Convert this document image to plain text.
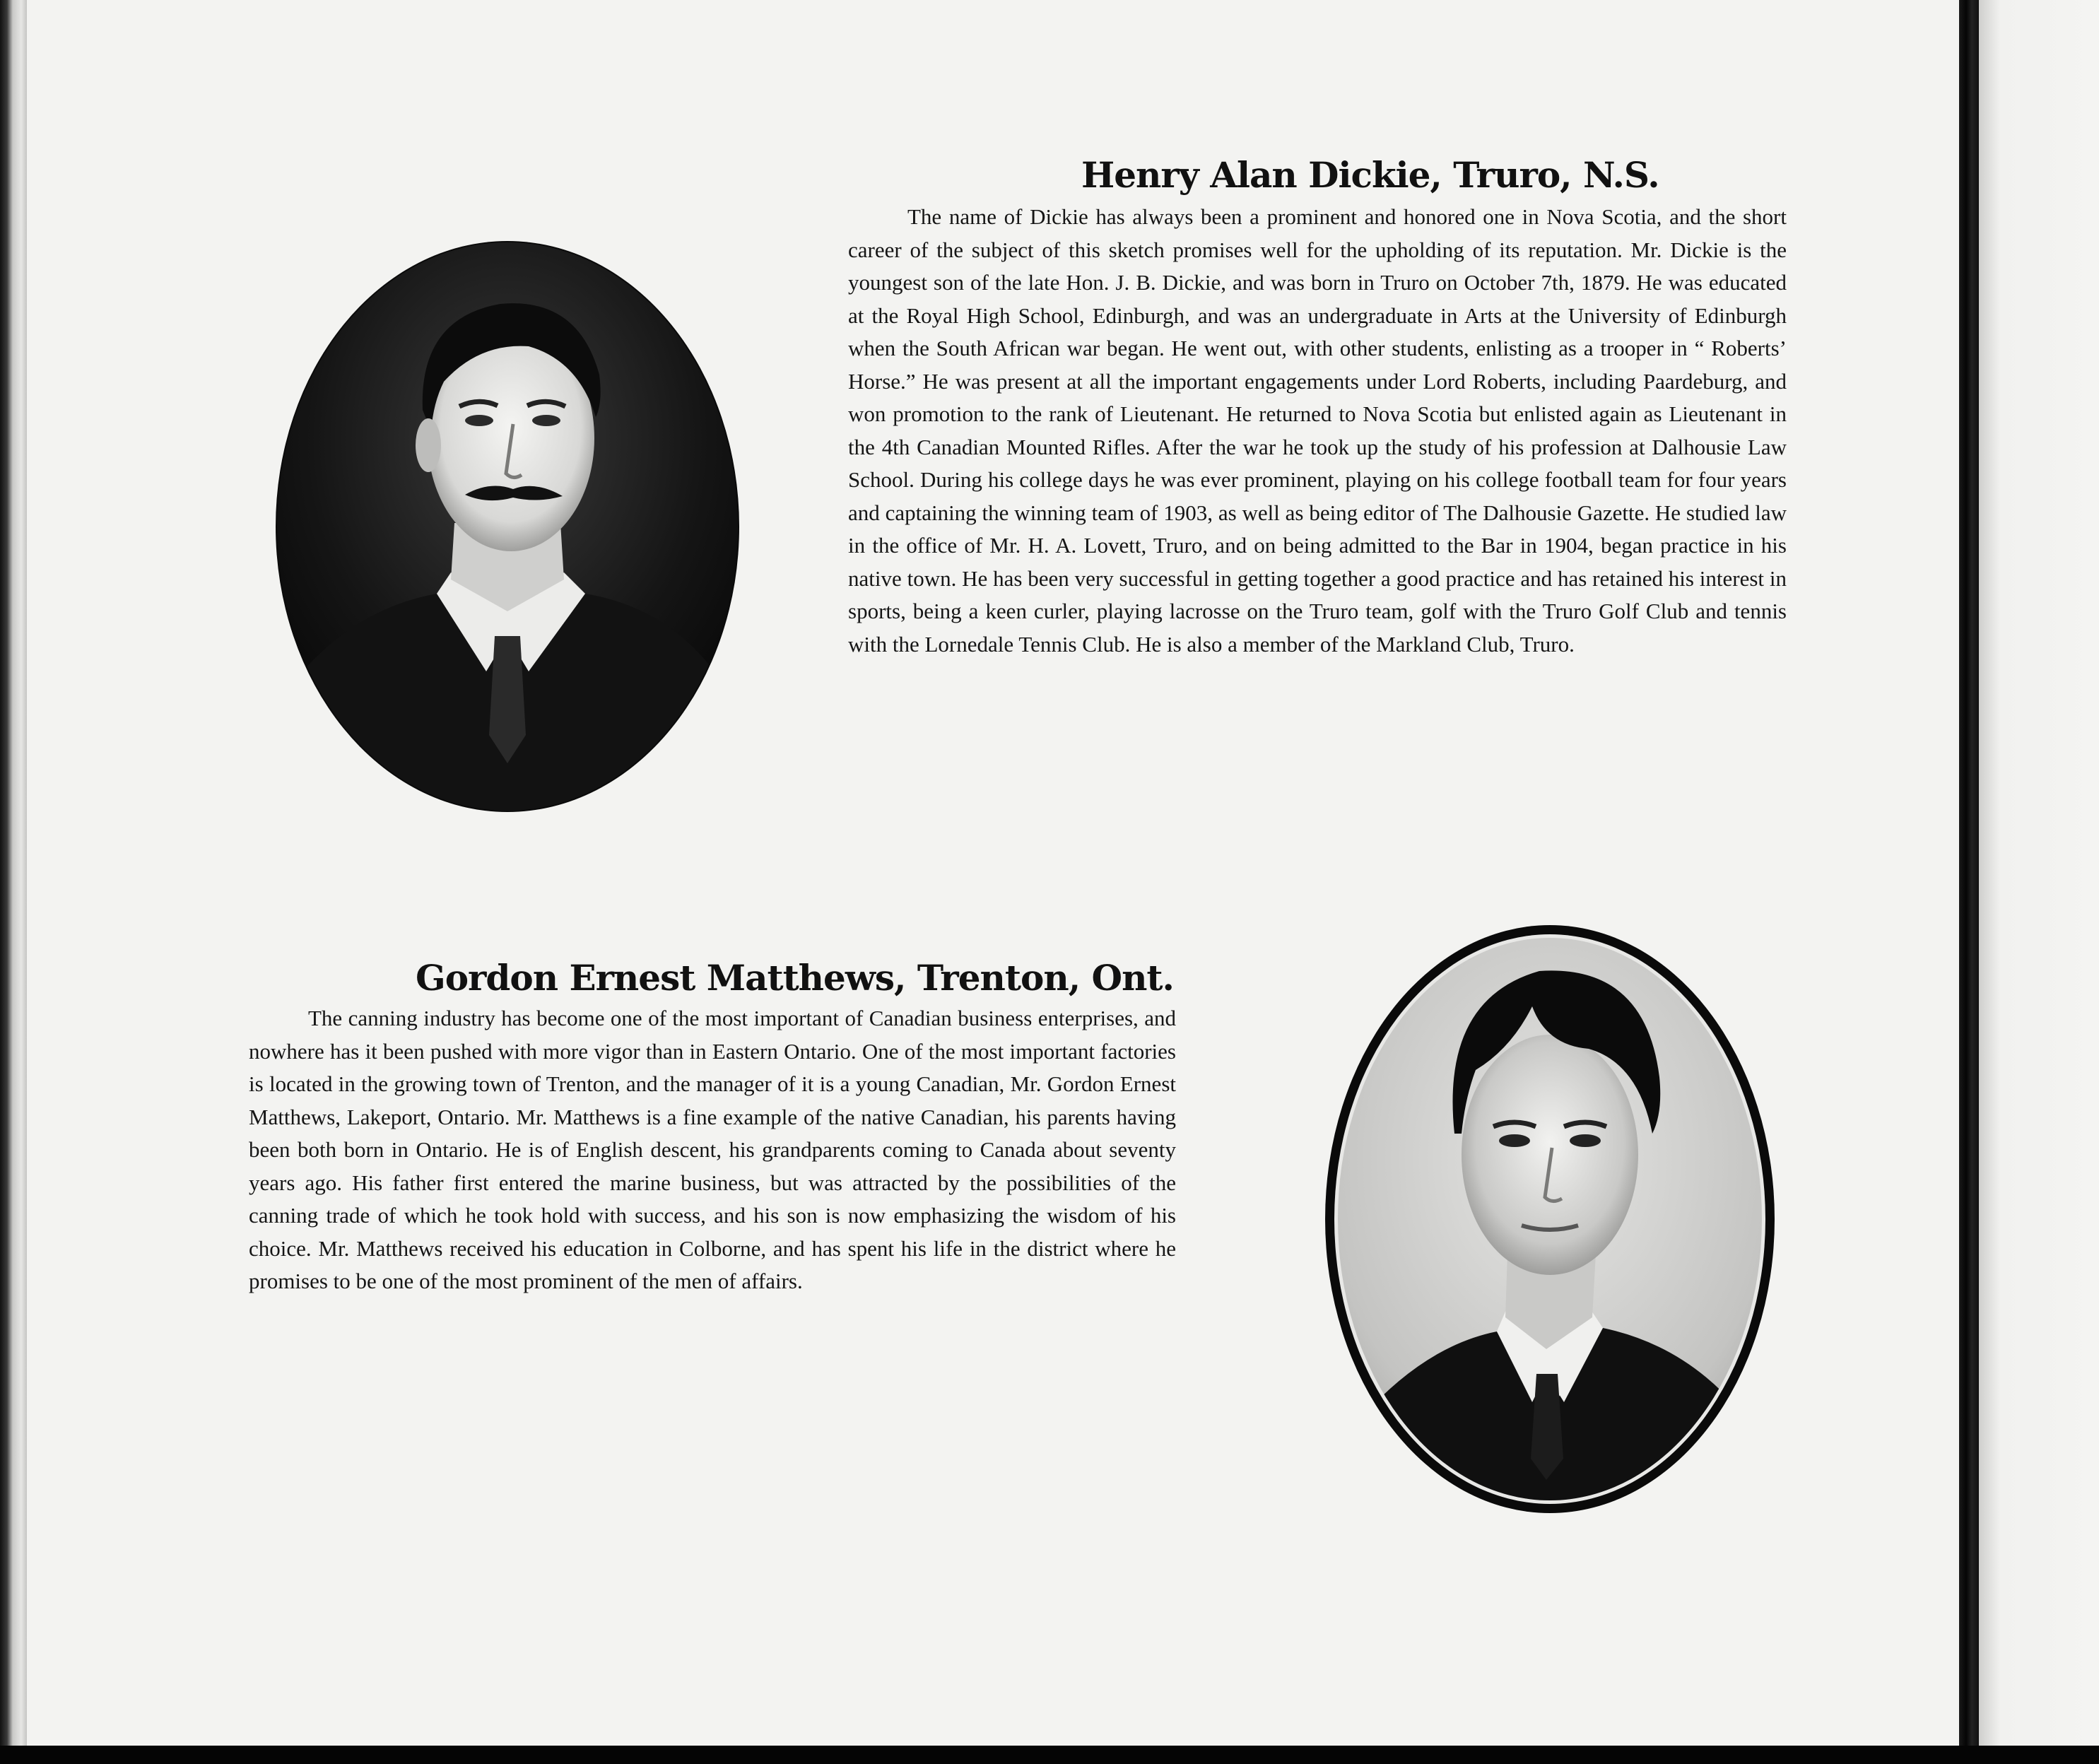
Henry Alan Dickie, Truro, N.S.

The name of Dickie has always been a prominent and honored one in Nova Scotia, and the short career of the subject of this sketch promises well for the upholding of its reputation. Mr. Dickie is the youngest son of the late Hon. J. B. Dickie, and was born in Truro on October 7th, 1879. He was educated at the Royal High School, Edinburgh, and was an undergraduate in Arts at the University of Edinburgh when the South African war began. He went out, with other students, enlisting as a trooper in “ Roberts’ Horse.” He was present at all the important engagements under Lord Roberts, including Paardeburg, and won promotion to the rank of Lieutenant. He returned to Nova Scotia but enlisted again as Lieutenant in the 4th Canadian Mounted Rifles. After the war he took up the study of his profession at Dalhousie Law School. During his college days he was ever prominent, playing on his college football team for four years and captaining the winning team of 1903, as well as being editor of The Dalhousie Gazette. He studied law in the office of Mr. H. A. Lovett, Truro, and on being admitted to the Bar in 1904, began practice in his native town. He has been very successful in getting together a good practice and has retained his interest in sports, being a keen curler, playing lacrosse on the Truro team, golf with the Truro Golf Club and tennis with the Lornedale Tennis Club. He is also a member of the Markland Club, Truro.

Gordon Ernest Matthews, Trenton, Ont.

The canning industry has become one of the most important of Canadian business enterprises, and nowhere has it been pushed with more vigor than in Eastern Ontario. One of the most important factories is located in the growing town of Trenton, and the manager of it is a young Canadian, Mr. Gordon Ernest Matthews, Lakeport, Ontario. Mr. Matthews is a fine example of the native Canadian, his parents having been both born in Ontario. He is of English descent, his grandparents coming to Canada about seventy years ago. His father first entered the marine business, but was attracted by the possibilities of the canning trade of which he took hold with success, and his son is now emphasizing the wisdom of his choice. Mr. Matthews received his education in Colborne, and has spent his life in the district where he promises to be one of the most prominent of the men of affairs.
